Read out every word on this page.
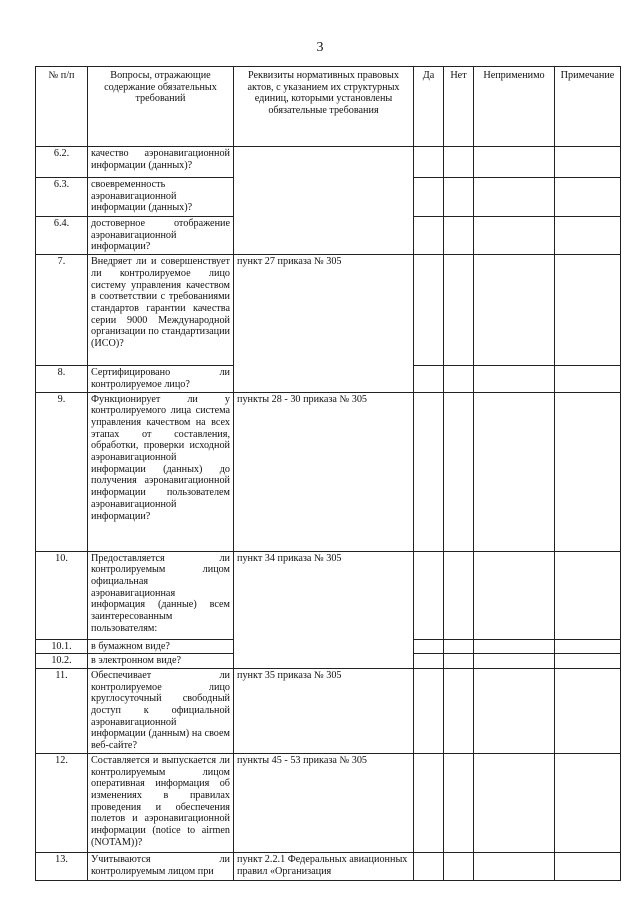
3
№ п/п	Вопросы, отражающие содержание обязательных требований	Реквизиты нормативных правовых актов, с указанием их структурных единиц, которыми установлены обязательные требования	Да	Нет	Неприменимо	Примечание
6.2.	качество аэронавигационной информации (данных)?					
6.3.	своевременность аэронавигационной информации (данных)?					
6.4.	достоверное отображение аэронавигационной информации?					
7.	Внедряет ли и совершенствует ли контролируемое лицо систему управления качеством в соответствии с требованиями стандартов гарантии качества серии 9000 Международной организации по стандартизации (ИСО)?	пункт 27 приказа № 305				
8.	Сертифицировано ли контролируемое лицо?					
9.	Функционирует ли у контролируемого лица система управления качеством на всех этапах от составления, обработки, проверки исходной аэронавигационной информации (данных) до получения аэронавигационной информации пользователем аэронавигационной информации?	пункты 28 - 30 приказа № 305				
10.	Предоставляется ли контролируемым лицом официальная аэронавигационная информация (данные) всем заинтересованным пользователям:	пункт 34 приказа № 305				
10.1.	в бумажном виде?					
10.2.	в электронном виде?					
11.	Обеспечивает ли контролируемое лицо круглосуточный свободный доступ к официальной аэронавигационной информации (данным) на своем веб-сайте?	пункт 35 приказа № 305				
12.	Составляется и выпускается ли контролируемым лицом оперативная информация об изменениях в правилах проведения и обеспечения полетов и аэронавигационной информации (notice to airmen (NOTAM))?	пункты 45 - 53 приказа № 305				
13.	Учитываются ли контролируемым лицом при	пункт 2.2.1 Федеральных авиационных правил «Организация				
